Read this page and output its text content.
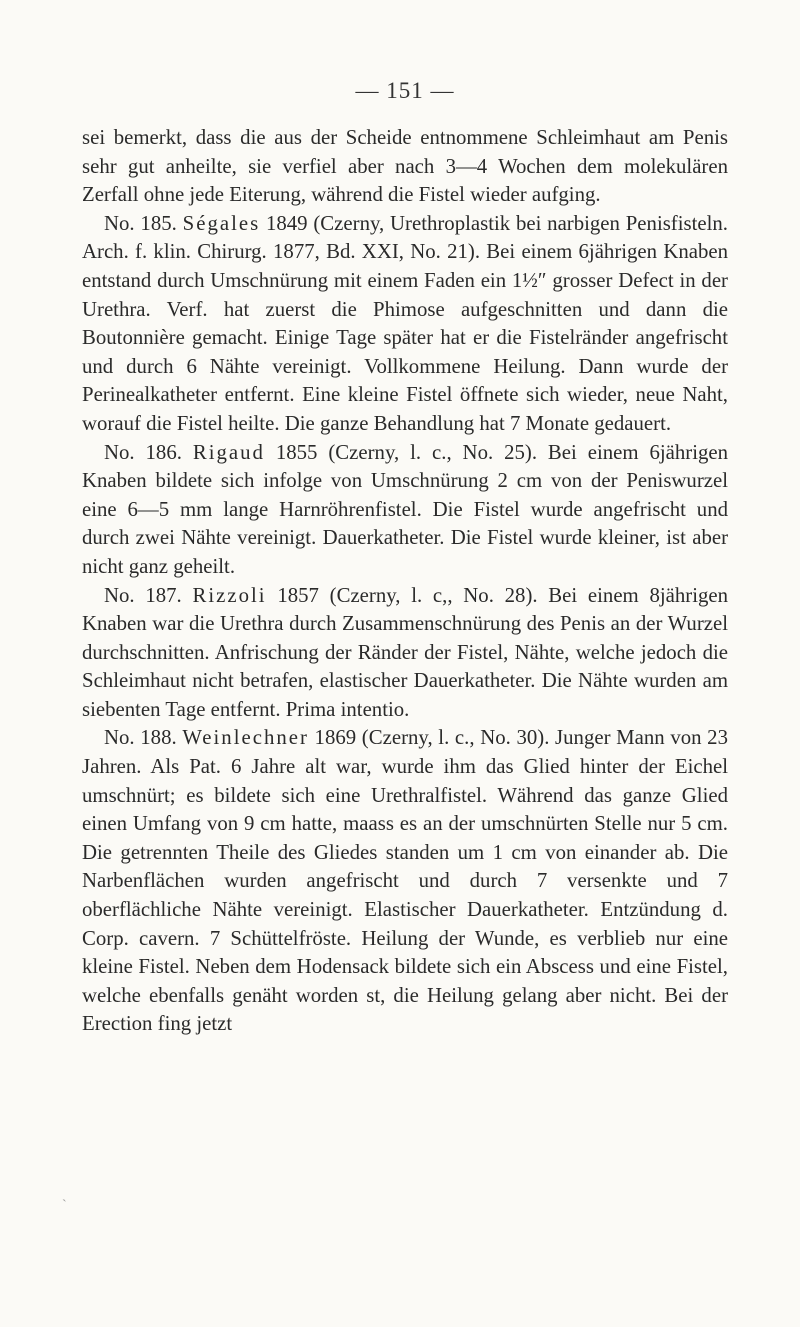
— 151 —

sei bemerkt, dass die aus der Scheide entnommene Schleimhaut am Penis sehr gut anheilte, sie verfiel aber nach 3—4 Wochen dem molekulären Zerfall ohne jede Eiterung, während die Fistel wieder aufging.

No. 185. Ségales 1849 (Czerny, Urethroplastik bei narbigen Penisfisteln. Arch. f. klin. Chirurg. 1877, Bd. XXI, No. 21). Bei einem 6jährigen Knaben entstand durch Umschnürung mit einem Faden ein 1½″ grosser Defect in der Urethra. Verf. hat zuerst die Phimose aufgeschnitten und dann die Boutonnière gemacht. Einige Tage später hat er die Fistelränder angefrischt und durch 6 Nähte vereinigt. Vollkommene Heilung. Dann wurde der Perinealkatheter entfernt. Eine kleine Fistel öffnete sich wieder, neue Naht, worauf die Fistel heilte. Die ganze Behandlung hat 7 Monate gedauert.

No. 186. Rigaud 1855 (Czerny, l. c., No. 25). Bei einem 6jährigen Knaben bildete sich infolge von Umschnürung 2 cm von der Peniswurzel eine 6—5 mm lange Harnröhrenfistel. Die Fistel wurde angefrischt und durch zwei Nähte vereinigt. Dauerkatheter. Die Fistel wurde kleiner, ist aber nicht ganz geheilt.

No. 187. Rizzoli 1857 (Czerny, l. c,, No. 28). Bei einem 8jährigen Knaben war die Urethra durch Zusammenschnürung des Penis an der Wurzel durchschnitten. Anfrischung der Ränder der Fistel, Nähte, welche jedoch die Schleimhaut nicht betrafen, elastischer Dauerkatheter. Die Nähte wurden am siebenten Tage entfernt. Prima intentio.

No. 188. Weinlechner 1869 (Czerny, l. c., No. 30). Junger Mann von 23 Jahren. Als Pat. 6 Jahre alt war, wurde ihm das Glied hinter der Eichel umschnürt; es bildete sich eine Urethralfistel. Während das ganze Glied einen Umfang von 9 cm hatte, maass es an der umschnürten Stelle nur 5 cm. Die getrennten Theile des Gliedes standen um 1 cm von einander ab. Die Narbenflächen wurden angefrischt und durch 7 versenkte und 7 oberflächliche Nähte vereinigt. Elastischer Dauerkatheter. Entzündung d. Corp. cavern. 7 Schüttelfröste. Heilung der Wunde, es verblieb nur eine kleine Fistel. Neben dem Hodensack bildete sich ein Abscess und eine Fistel, welche ebenfalls genäht worden st, die Heilung gelang aber nicht. Bei der Erection fing jetzt

˴
